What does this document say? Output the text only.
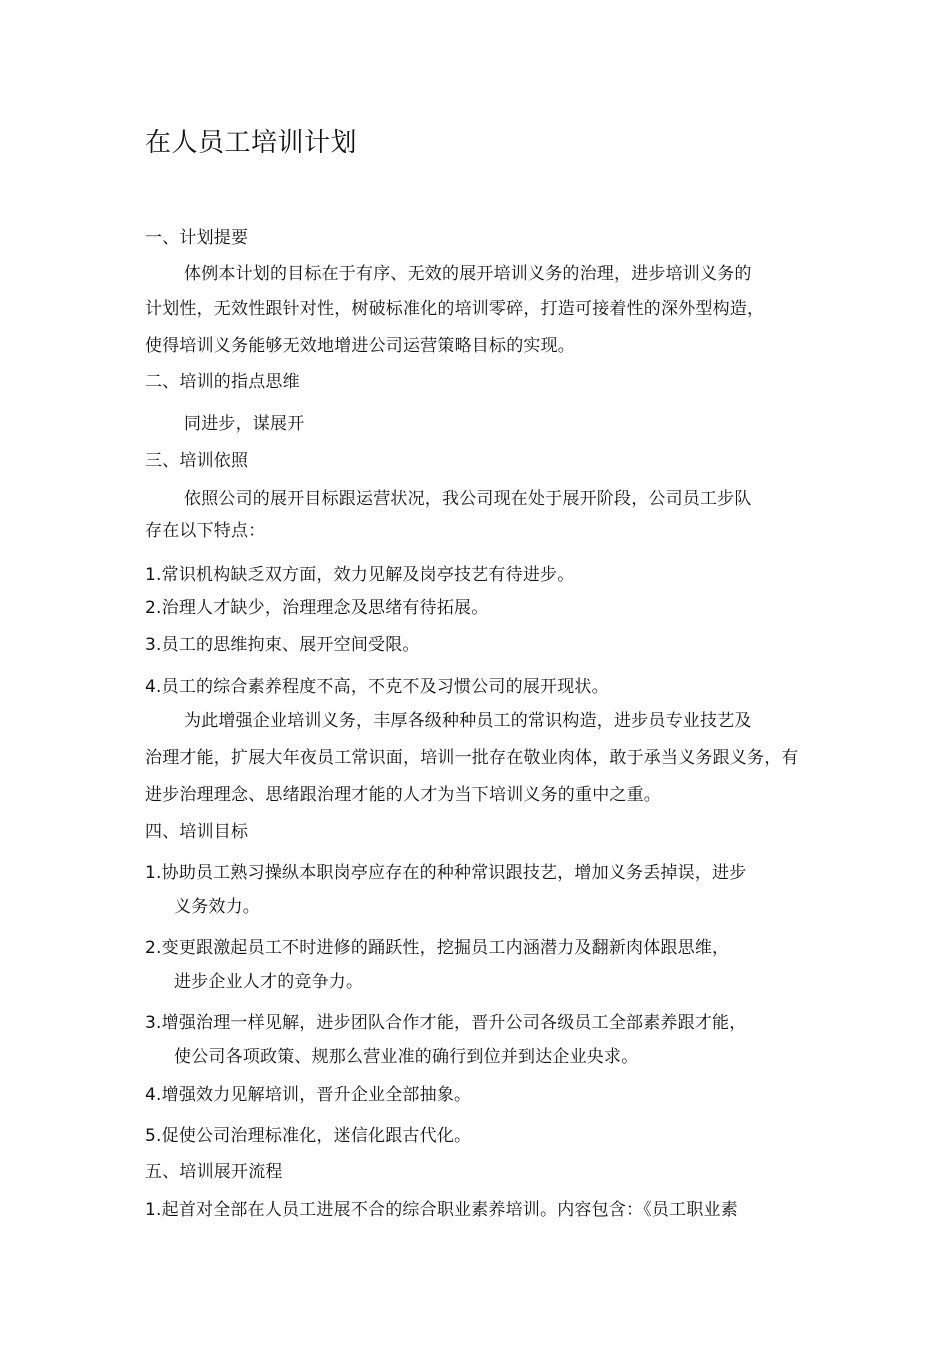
在人员工培训计划
一、计划提要
体例本计划的目标在于有序、无效的展开培训义务的治理，进步培训义务的
计划性，无效性跟针对性，树破标准化的培训零碎，打造可接着性的深外型构造，
使得培训义务能够无效地增进公司运营策略目标的实现。
二、培训的指点思维
同进步，谋展开
三、培训依照
依照公司的展开目标跟运营状况，我公司现在处于展开阶段，公司员工步队
存在以下特点：
1.常识机构缺乏双方面，效力见解及岗亭技艺有待进步。
2.治理人才缺少，治理理念及思绪有待拓展。
3.员工的思维拘束、展开空间受限。
4.员工的综合素养程度不高，不克不及习惯公司的展开现状。
为此增强企业培训义务，丰厚各级种种员工的常识构造，进步员专业技艺及
治理才能，扩展大年夜员工常识面，培训一批存在敬业肉体，敢于承当义务跟义务，有
进步治理理念、思绪跟治理才能的人才为当下培训义务的重中之重。
四、培训目标
1.协助员工熟习操纵本职岗亭应存在的种种常识跟技艺，增加义务丢掉误，进步
义务效力。
2.变更跟激起员工不时进修的踊跃性，挖掘员工内涵潜力及翻新肉体跟思维，
进步企业人才的竞争力。
3.增强治理一样见解，进步团队合作才能，晋升公司各级员工全部素养跟才能，
使公司各项政策、规那么营业准的确行到位并到达企业央求。
4.增强效力见解培训，晋升企业全部抽象。
5.促使公司治理标准化，迷信化跟古代化。
五、培训展开流程
1.起首对全部在人员工进展不合的综合职业素养培训。内容包含：《员工职业素
